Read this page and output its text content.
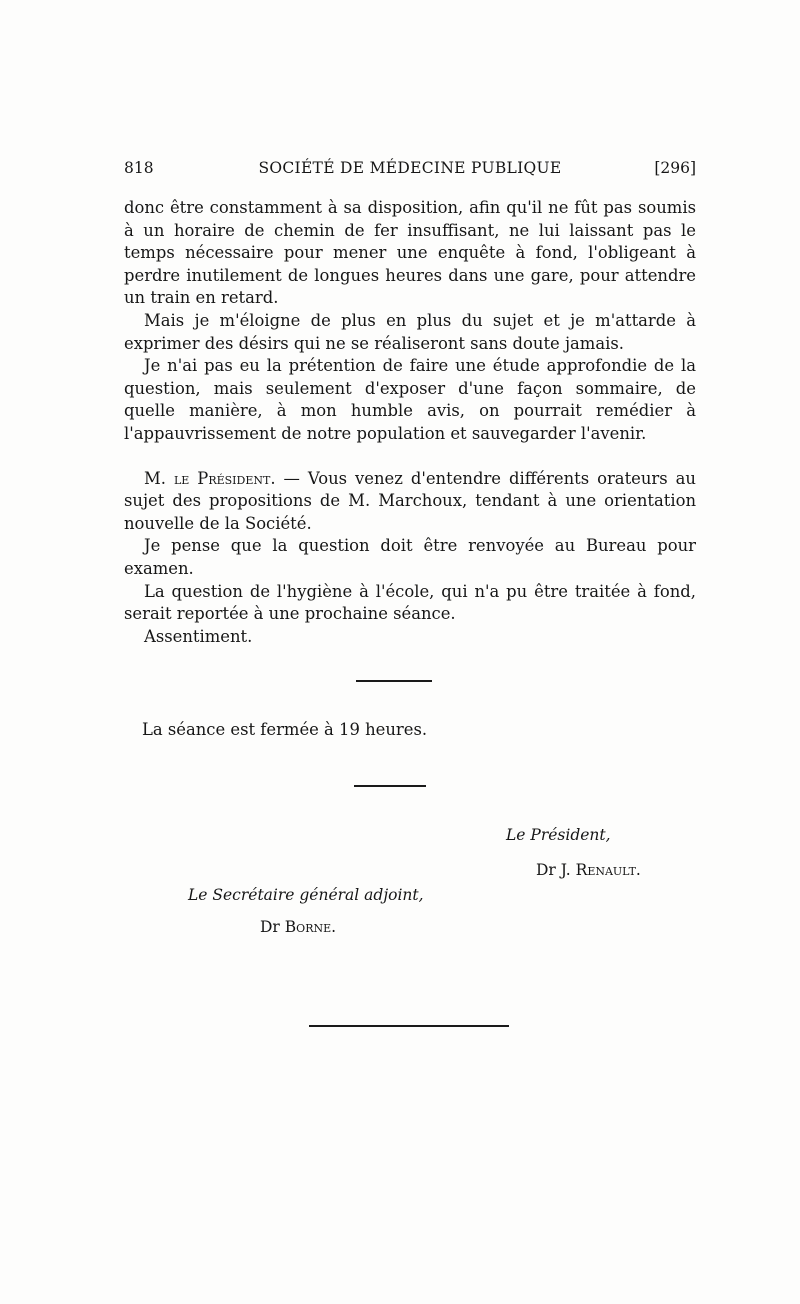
818	SOCIÉTÉ DE MÉDECINE PUBLIQUE	[296]

donc être constamment à sa disposition, afin qu'il ne fût pas soumis à un horaire de chemin de fer insuffisant, ne lui laissant pas le temps nécessaire pour mener une enquête à fond, l'obligeant à perdre inutilement de longues heures dans une gare, pour attendre un train en retard.

Mais je m'éloigne de plus en plus du sujet et je m'attarde à exprimer des désirs qui ne se réaliseront sans doute jamais.

Je n'ai pas eu la prétention de faire une étude approfondie de la question, mais seulement d'exposer d'une façon sommaire, de quelle manière, à mon humble avis, on pourrait remédier à l'appauvrissement de notre population et sauvegarder l'avenir.

M. le Président. — Vous venez d'entendre différents orateurs au sujet des propositions de M. Marchoux, tendant à une orientation nouvelle de la Société.

Je pense que la question doit être renvoyée au Bureau pour examen.

La question de l'hygiène à l'école, qui n'a pu être traitée à fond, serait reportée à une prochaine séance.

Assentiment.

La séance est fermée à 19 heures.
Le Président,
Dr J. Renault.
Le Secrétaire général adjoint,
Dr Borne.
